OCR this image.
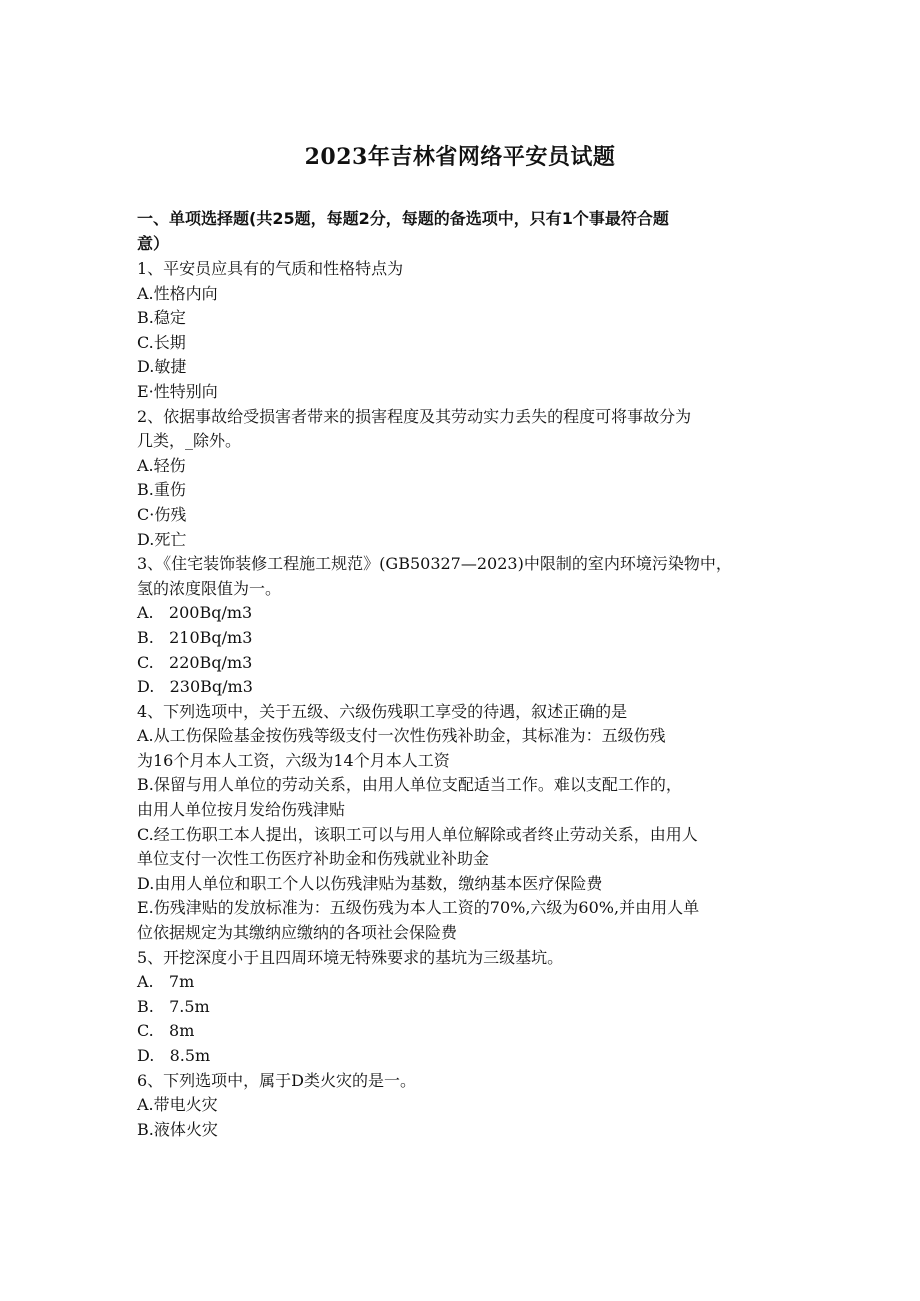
2023年吉林省网络平安员试题
一、单项选择题(共25题，每题2分，每题的备选项中，只有1个事最符合题
意）
1、平安员应具有的气质和性格特点为
A.性格内向
B.稳定
C.长期
D.敏捷
E·性特别向
2、依据事故给受损害者带来的损害程度及其劳动实力丢失的程度可将事故分为
几类，_除外。
A.轻伤
B.重伤
C·伤残
D.死亡
3、《住宅装饰装修工程施工规范》(GB50327—2023)中限制的室内环境污染物中，
氢的浓度限值为一。
A.   200Bq∕m3
B.   210Bq∕m3
C.   220Bq∕m3
D.   230Bq∕m3
4、下列选项中，关于五级、六级伤残职工享受的待遇，叙述正确的是
A.从工伤保险基金按伤残等级支付一次性伤残补助金，其标准为：五级伤残
为16个月本人工资，六级为14个月本人工资
B.保留与用人单位的劳动关系，由用人单位支配适当工作。难以支配工作的，
由用人单位按月发给伤残津贴
C.经工伤职工本人提出，该职工可以与用人单位解除或者终止劳动关系，由用人
单位支付一次性工伤医疗补助金和伤残就业补助金
D.由用人单位和职工个人以伤残津贴为基数，缴纳基本医疗保险费
E.伤残津贴的发放标准为：五级伤残为本人工资的70%,六级为60%,并由用人单
位依据规定为其缴纳应缴纳的各项社会保险费
5、开挖深度小于且四周环境无特殊要求的基坑为三级基坑。
A.   7m
B.   7.5m
C.   8m
D.   8.5m
6、下列选项中，属于D类火灾的是一。
A.带电火灾
B.液体火灾
